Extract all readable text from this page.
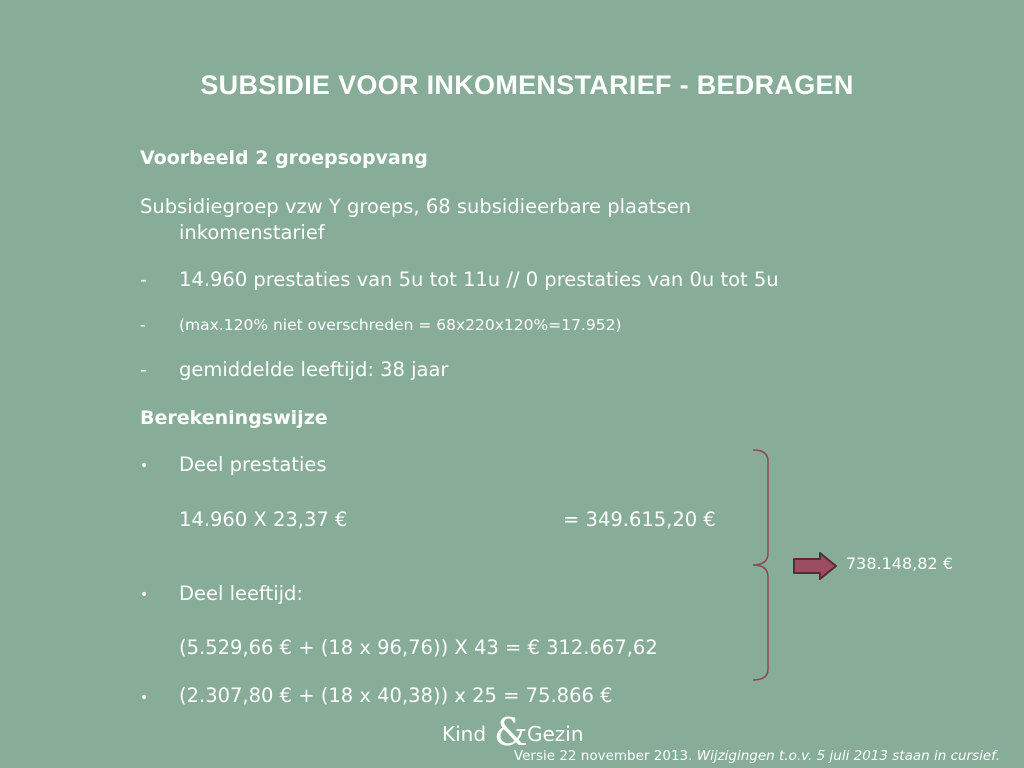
SUBSIDIE VOOR INKOMENSTARIEF - BEDRAGEN
Voorbeeld 2 groepsopvang
Subsidiegroep vzw Y groeps, 68 subsidieerbare plaatsen
inkomenstarief
- 14.960 prestaties van 5u tot 11u // 0 prestaties van 0u tot 5u
- (max.120% niet overschreden = 68x220x120%=17.952)
- gemiddelde leeftijd: 38 jaar
Berekeningswijze
• Deel prestaties
14.960 X 23,37 €	= 349.615,20 €
• Deel leeftijd:
(5.529,66 € + (18 x 96,76)) X 43 = € 312.667,62
• (2.307,80 € + (18 x 40,38)) x 25 = 75.866 €
738.148,82 €
Kind & Gezin
Versie 22 november 2013. Wijzigingen t.o.v. 5 juli 2013 staan in cursief.
